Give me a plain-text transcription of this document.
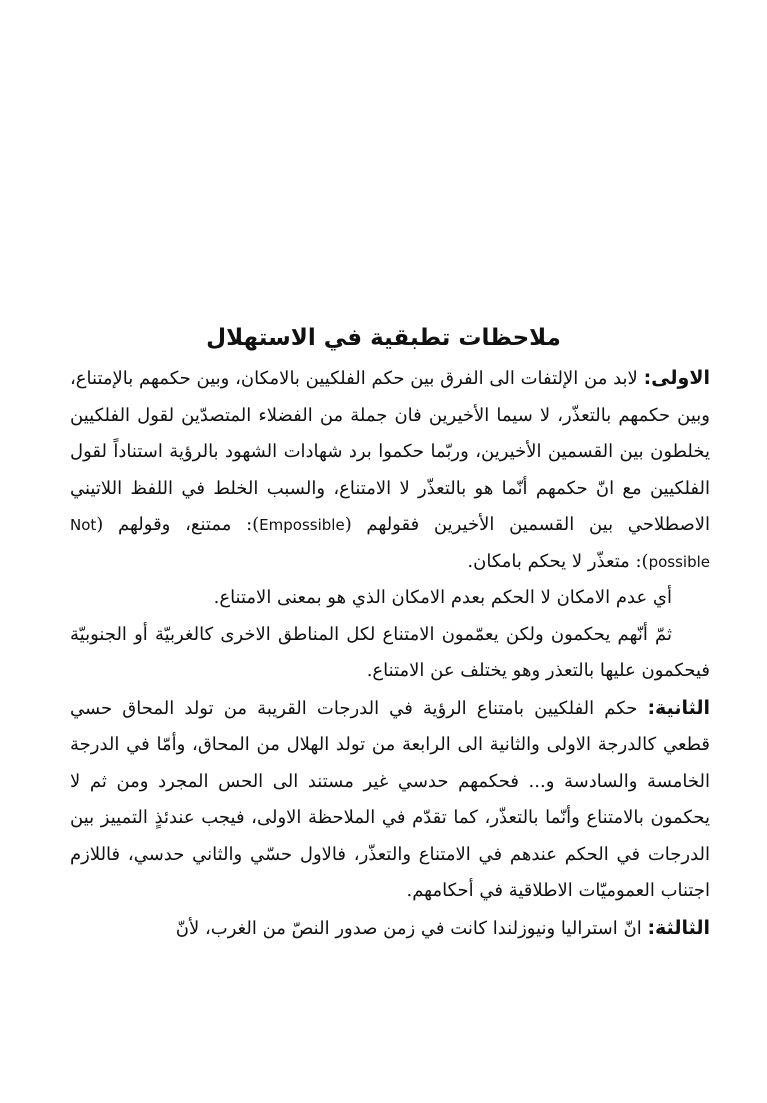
ملاحظات تطبقية في الاستهلال

الاولى: لابد من الإلتفات الى الفرق بين حكم الفلكيين بالامكان، وبين حكمهم بالإمتناع، وبين حكمهم بالتعذّر، لا سيما الأخيرين فان جملة من الفضلاء المتصدّين لقول الفلكيين يخلطون بين القسمين الأخيرين، وربّما حكموا برد شهادات الشهود بالرؤية استناداً لقول الفلكيين مع انّ حكمهم أنّما هو بالتعذّر لا الامتناع، والسبب الخلط في اللفظ اللاتيني الاصطلاحي بين القسمين الأخيرين فقولهم (Empossible): ممتنع، وقولهم (Not possible): متعذّر لا يحكم بامكان.

أي عدم الامكان لا الحكم بعدم الامكان الذي هو بمعنى الامتناع.

ثمّ أنّهم يحكمون ولكن يعمّمون الامتناع لكل المناطق الاخرى كالغربيّة أو الجنوبيّة فيحكمون عليها بالتعذر وهو يختلف عن الامتناع.

الثانية: حكم الفلكيين بامتناع الرؤية في الدرجات القريبة من تولد المحاق حسي قطعي كالدرجة الاولى والثانية الى الرابعة من تولد الهلال من المحاق، وأمّا في الدرجة الخامسة والسادسة و... فحكمهم حدسي غير مستند الى الحس المجرد ومن ثم لا يحكمون بالامتناع وأنّما بالتعذّر، كما تقدّم في الملاحظة الاولى، فيجب عندئذٍ التمييز بين الدرجات في الحكم عندهم في الامتناع والتعذّر، فالاول حسّي والثاني حدسي، فاللازم اجتناب العموميّات الاطلاقية في أحكامهم.

الثالثة: انّ استراليا ونيوزلندا كانت في زمن صدور النصّ من الغرب، لأنّ
